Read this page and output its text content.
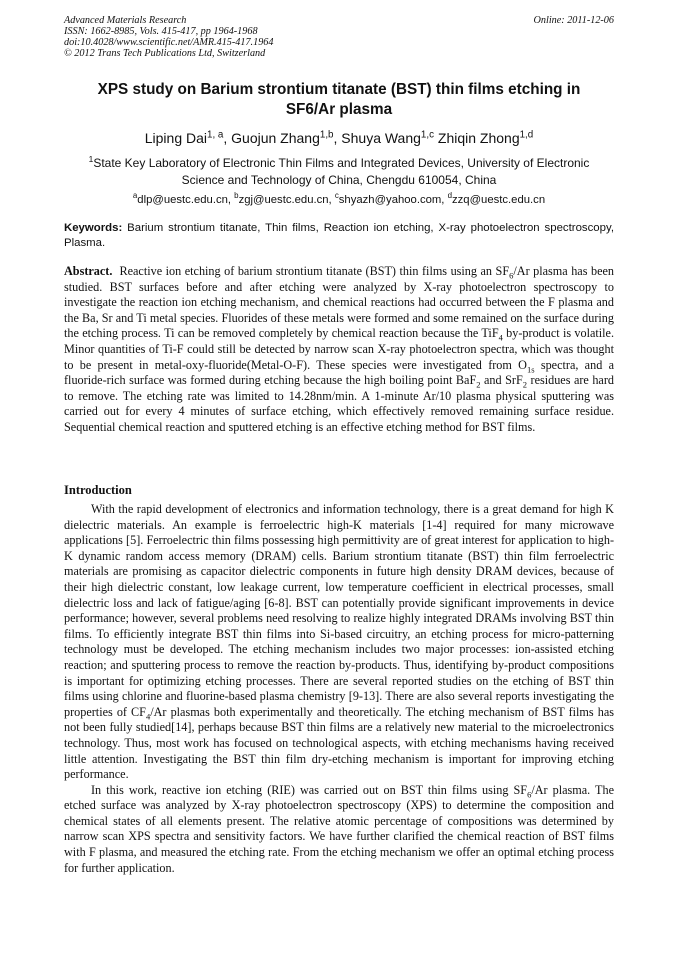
Advanced Materials Research
ISSN: 1662-8985, Vols. 415-417, pp 1964-1968
doi:10.4028/www.scientific.net/AMR.415-417.1964
© 2012 Trans Tech Publications Ltd, Switzerland
Online: 2011-12-06
XPS study on Barium strontium titanate (BST) thin films etching in
SF6/Ar plasma
Liping Dai$^{1, a}$, Guojun Zhang$^{1,b}$, Shuya Wang$^{1,c}$ Zhiqin Zhong$^{1,d}$
$^1$State Key Laboratory of Electronic Thin Films and Integrated Devices, University of Electronic
Science and Technology of China, Chengdu 610054, China
$^a$dlp@uestc.edu.cn, $^b$zgj@uestc.edu.cn, $^c$shyazh@yahoo.com, $^d$zzq@uestc.edu.cn
Keywords: Barium strontium titanate, Thin films, Reaction ion etching, X-ray photoelectron spectroscopy, Plasma.

Abstract. Reactive ion etching of barium strontium titanate (BST) thin films using an $SF_6/Ar$ plasma has been studied. BST surfaces before and after etching were analyzed by X-ray photoelectron spectroscopy to investigate the reaction ion etching mechanism, and chemical reactions had occurred between the F plasma and the Ba, Sr and Ti metal species. Fluorides of these metals were formed and some remained on the surface during the etching process. Ti can be removed completely by chemical reaction because the TiF$_4$ by-product is volatile. Minor quantities of Ti-F could still be detected by narrow scan X-ray photoelectron spectra, which was thought to be present in metal-oxy-fluoride(Metal-O-F). These species were investigated from $O_{1s}$ spectra, and a fluoride-rich surface was formed during etching because the high boiling point BaF$_2$ and SrF$_2$ residues are hard to remove. The etching rate was limited to 14.28nm/min. A 1-minute Ar/10 plasma physical sputtering was carried out for every 4 minutes of surface etching, which effectively removed remaining surface residue. Sequential chemical reaction and sputtered etching is an effective etching method for BST films.

Introduction

With the rapid development of electronics and information technology, there is a great demand for high K dielectric materials. An example is ferroelectric high-K materials [1-4] required for many microwave applications [5]. Ferroelectric thin films possessing high permittivity are of great interest for application to high-K dynamic random access memory (DRAM) cells. Barium strontium titanate (BST) thin film ferroelectric materials are promising as capacitor dielectric components in future high density DRAM devices, because of their high dielectric constant, low leakage current, low temperature coefficient in electrical processes, small dielectric loss and lack of fatigue/aging [6-8]. BST can potentially provide significant improvements in device performance; however, several problems need resolving to realize highly integrated DRAMs involving BST thin films. To efficiently integrate BST thin films into Si-based circuitry, an etching process for micro-patterning technology must be developed. The etching mechanism includes two major processes: ion-assisted etching reaction; and sputtering process to remove the reaction by-products. Thus, identifying by-product compositions is important for optimizing etching processes. There are several reported studies on the etching of BST thin films using chlorine and fluorine-based plasma chemistry [9-13]. There are also several reports investigating the properties of $CF_4/Ar$ plasmas both experimentally and theoretically. The etching mechanism of BST films has not been fully studied[14], perhaps because BST thin films are a relatively new material to the microelectronics technology. Thus, most work has focused on technological aspects, with etching mechanisms having received little attention. Investigating the BST thin film dry-etching mechanism is important for improving etching performance.

In this work, reactive ion etching (RIE) was carried out on BST thin films using $SF_6/Ar$ plasma. The etched surface was analyzed by X-ray photoelectron spectroscopy (XPS) to determine the composition and chemical states of all elements present. The relative atomic percentage of compositions was determined by narrow scan XPS spectra and sensitivity factors. We have further clarified the chemical reaction of BST films with F plasma, and measured the etching rate. From the etching mechanism we offer an optimal etching process for further application.
